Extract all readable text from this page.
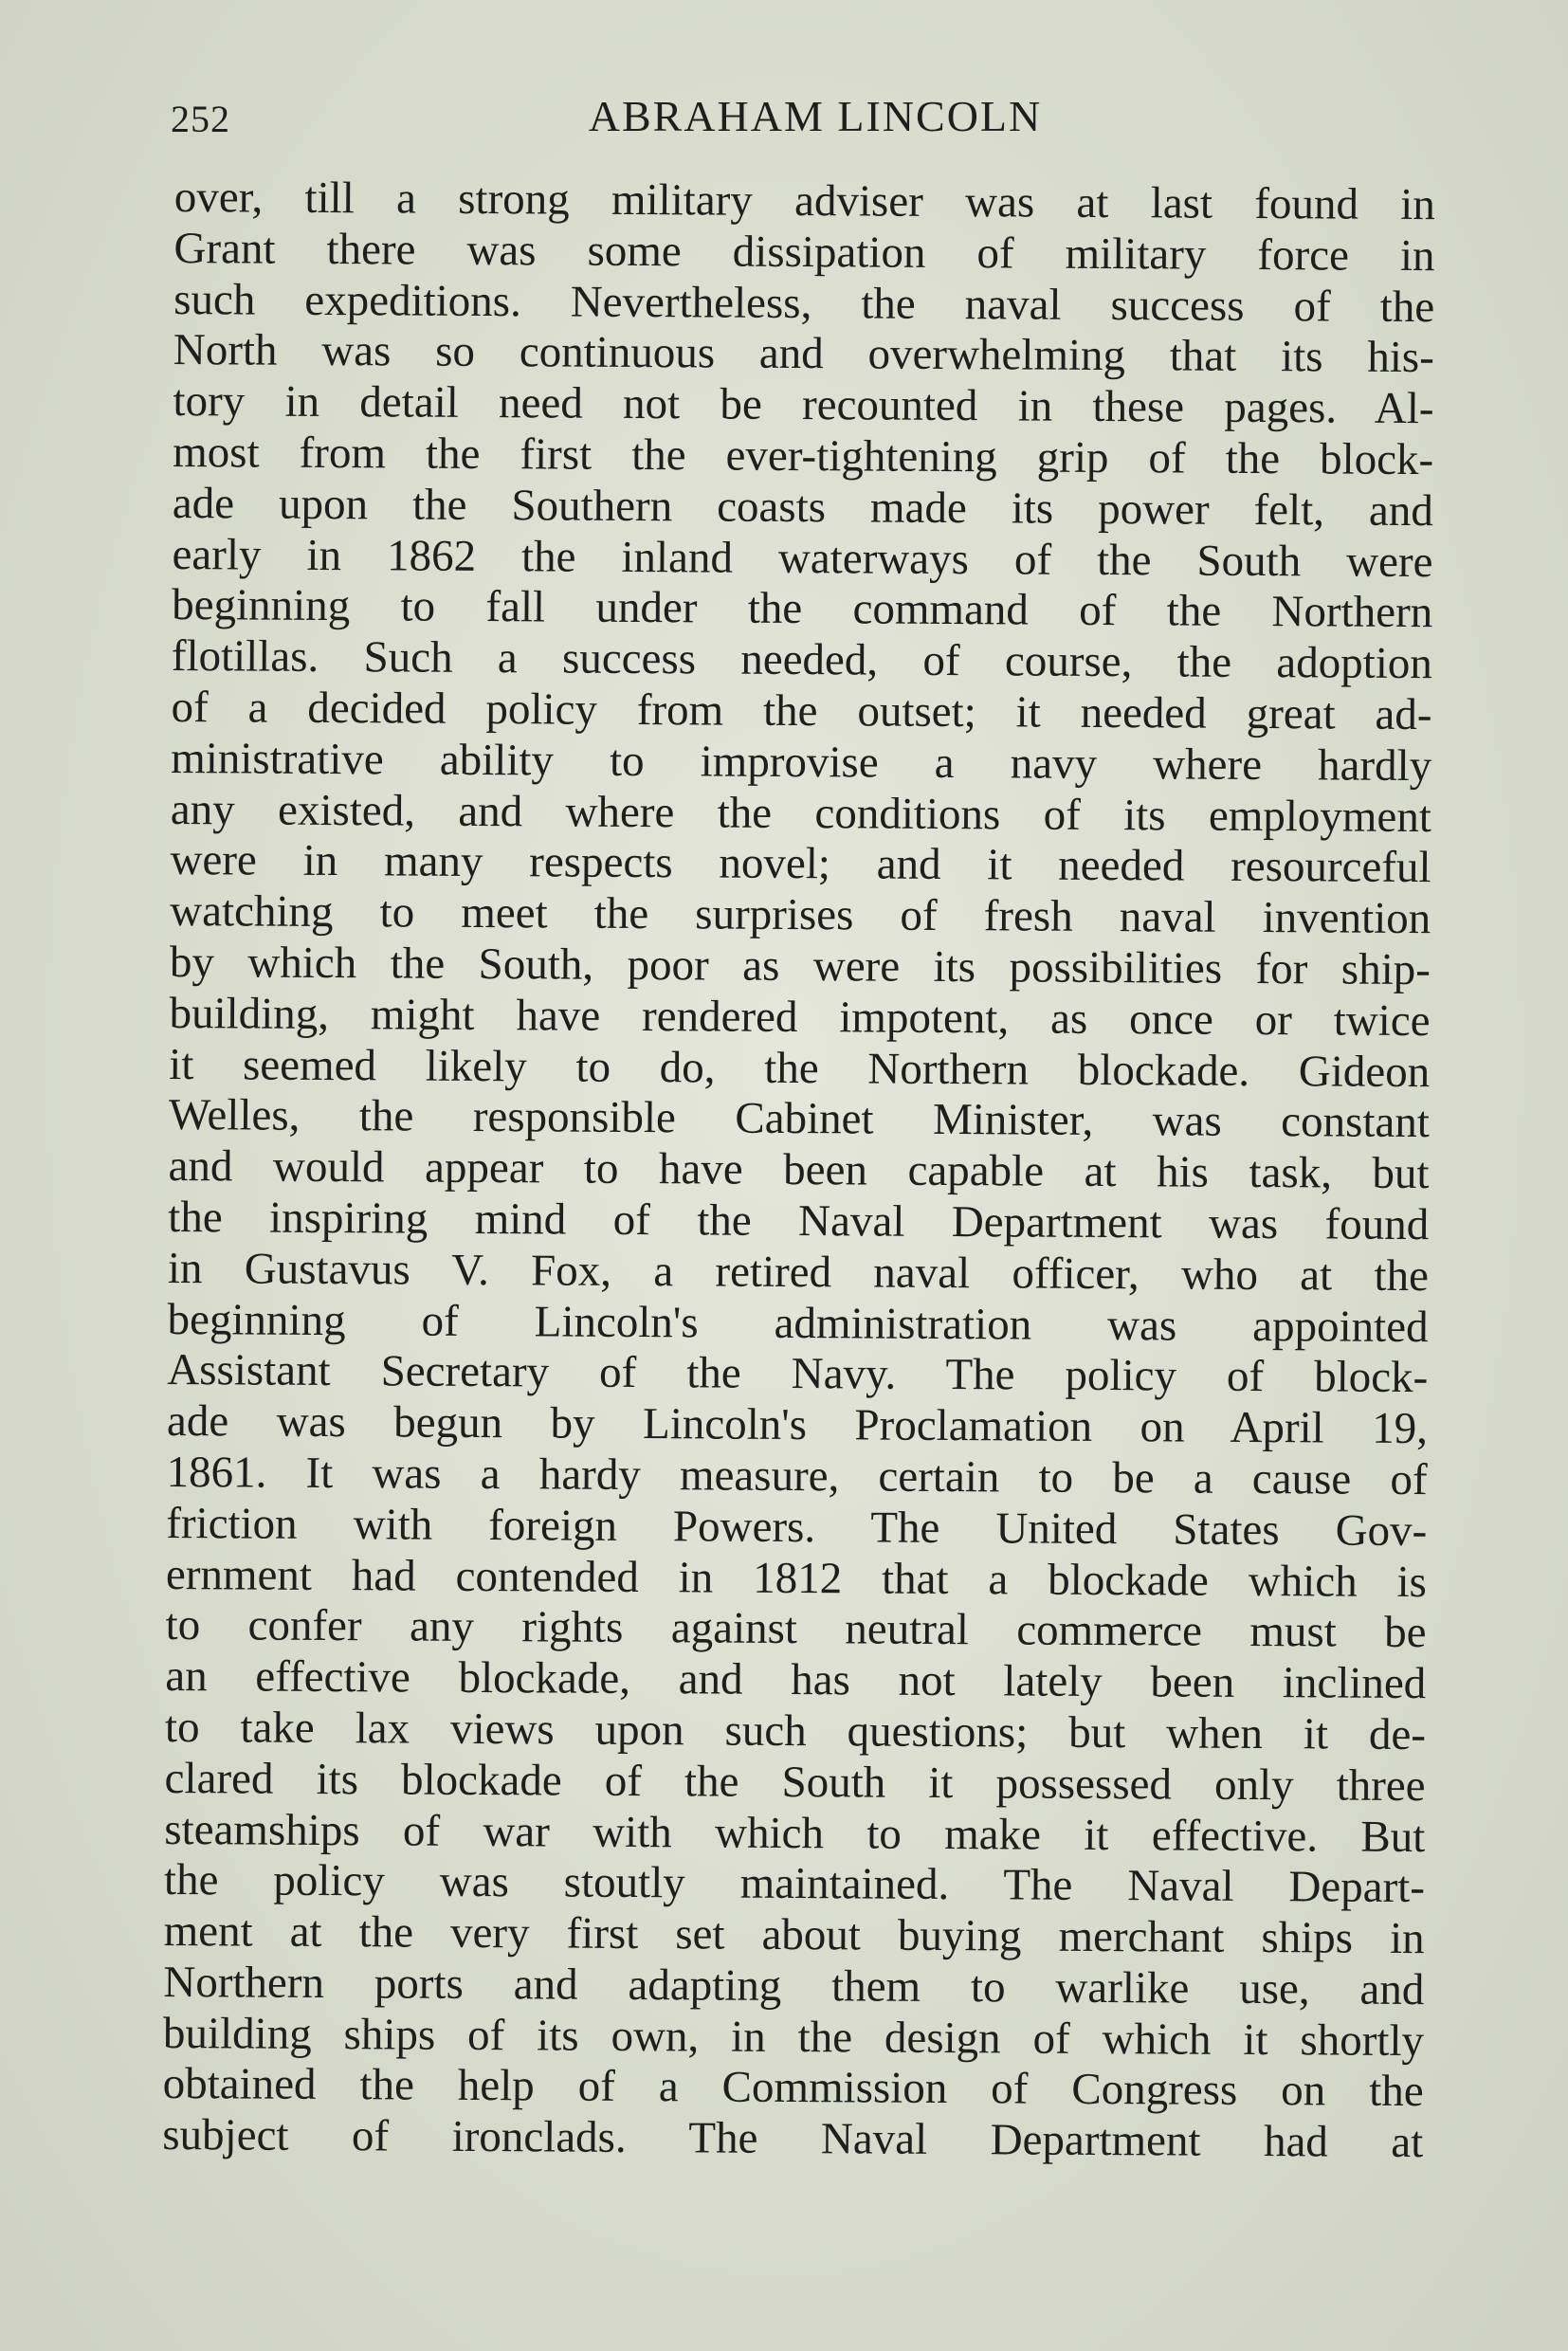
252	ABRAHAM LINCOLN
over, till a strong military adviser was at last found in
Grant there was some dissipation of military force in
such expeditions. Nevertheless, the naval success of the
North was so continuous and overwhelming that its his-
tory in detail need not be recounted in these pages. Al-
most from the first the ever-tightening grip of the block-
ade upon the Southern coasts made its power felt, and
early in 1862 the inland waterways of the South were
beginning to fall under the command of the Northern
flotillas. Such a success needed, of course, the adoption
of a decided policy from the outset; it needed great ad-
ministrative ability to improvise a navy where hardly
any existed, and where the conditions of its employment
were in many respects novel; and it needed resourceful
watching to meet the surprises of fresh naval invention
by which the South, poor as were its possibilities for ship-
building, might have rendered impotent, as once or twice
it seemed likely to do, the Northern blockade. Gideon
Welles, the responsible Cabinet Minister, was constant
and would appear to have been capable at his task, but
the inspiring mind of the Naval Department was found
in Gustavus V. Fox, a retired naval officer, who at the
beginning of Lincoln's administration was appointed
Assistant Secretary of the Navy. The policy of block-
ade was begun by Lincoln's Proclamation on April 19,
1861. It was a hardy measure, certain to be a cause of
friction with foreign Powers. The United States Gov-
ernment had contended in 1812 that a blockade which is
to confer any rights against neutral commerce must be
an effective blockade, and has not lately been inclined
to take lax views upon such questions; but when it de-
clared its blockade of the South it possessed only three
steamships of war with which to make it effective. But
the policy was stoutly maintained. The Naval Depart-
ment at the very first set about buying merchant ships in
Northern ports and adapting them to warlike use, and
building ships of its own, in the design of which it shortly
obtained the help of a Commission of Congress on the
subject of ironclads. The Naval Department had at
